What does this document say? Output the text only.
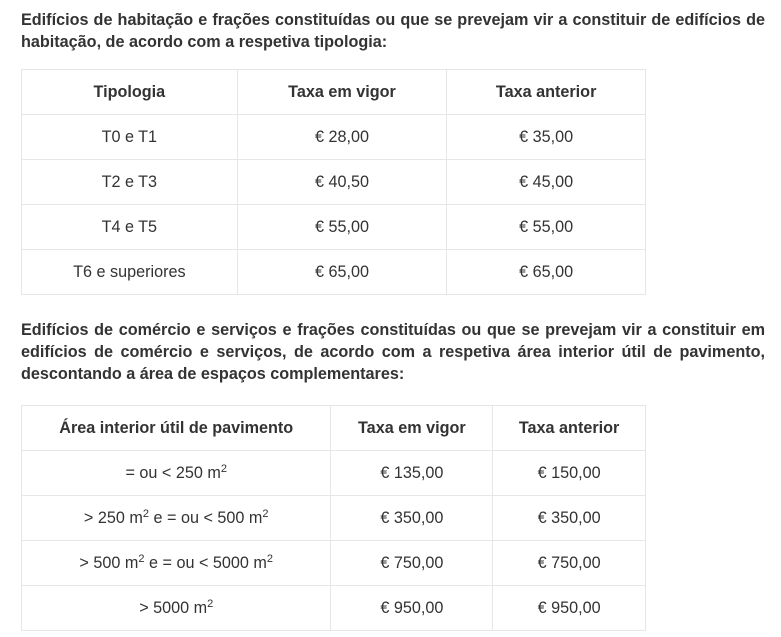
Edifícios de habitação e frações constituídas ou que se prevejam vir a constituir de edifícios de habitação, de acordo com a respetiva tipologia:

Tipologia	Taxa em vigor	Taxa anterior
T0 e T1	€ 28,00	€ 35,00
T2 e T3	€ 40,50	€ 45,00
T4 e T5	€ 55,00	€ 55,00
T6 e superiores	€ 65,00	€ 65,00

Edifícios de comércio e serviços e frações constituídas ou que se prevejam vir a constituir em edifícios de comércio e serviços, de acordo com a respetiva área interior útil de pavimento, descontando a área de espaços complementares:

Área interior útil de pavimento	Taxa em vigor	Taxa anterior
= ou < 250 $m^2$	€ 135,00	€ 150,00
> 250 $m^2$ e = ou < 500 $m^2$	€ 350,00	€ 350,00
> 500 $m^2$ e = ou < 5000 $m^2$	€ 750,00	€ 750,00
> 5000 $m^2$	€ 950,00	€ 950,00
